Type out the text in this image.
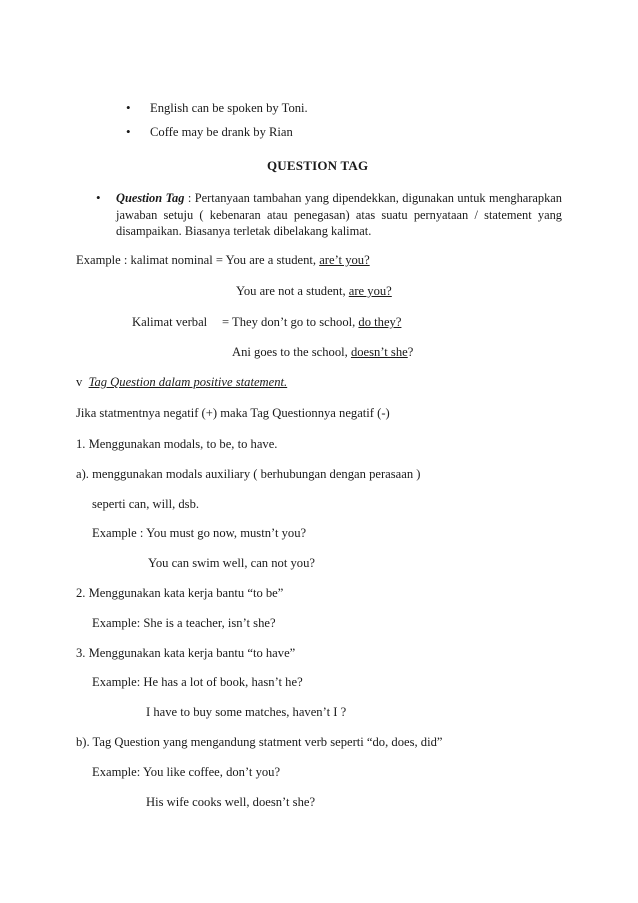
• English can be spoken by Toni.
• Coffe may be drank by Rian
QUESTION TAG
• Question Tag : Pertanyaan tambahan yang dipendekkan, digunakan untuk mengharapkan jawaban setuju ( kebenaran atau penegasan) atas suatu pernyataan / statement yang disampaikan. Biasanya terletak dibelakang kalimat.
Example : kalimat nominal = You are a student, are’t you?
You are not a student, are you?
Kalimat verbal = They don’t go to school, do they?
Ani goes to the school, doesn’t she?
v Tag Question dalam positive statement.
Jika statmentnya negatif (+) maka Tag Questionnya negatif (-)
1. Menggunakan modals, to be, to have.
a). menggunakan modals auxiliary ( berhubungan dengan perasaan )
seperti can, will, dsb.
Example : You must go now, mustn’t you?
You can swim well, can not you?
2. Menggunakan kata kerja bantu “to be”
Example: She is a teacher, isn’t she?
3. Menggunakan kata kerja bantu “to have”
Example: He has a lot of book, hasn’t he?
I have to buy some matches, haven’t I ?
b). Tag Question yang mengandung statment verb seperti “do, does, did”
Example: You like coffee, don’t you?
His wife cooks well, doesn’t she?
